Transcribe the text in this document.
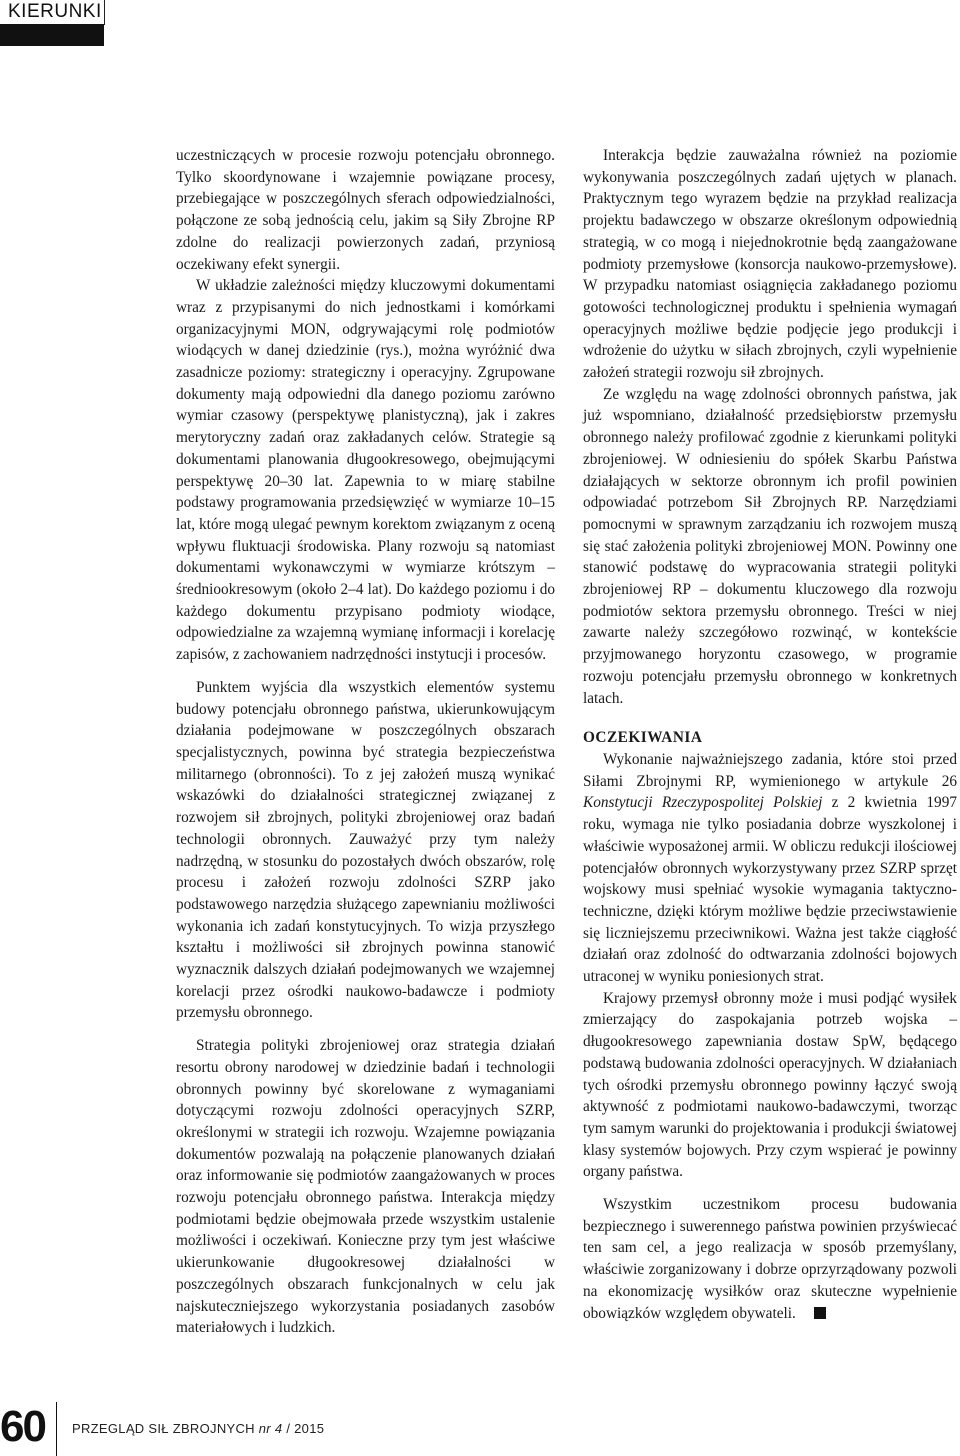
KIERUNKI

uczestniczących w procesie rozwoju potencjału obronnego. Tylko skoordynowane i wzajemnie powiązane procesy, przebiegające w poszczególnych sferach odpowiedzialności, połączone ze sobą jednością celu, jakim są Siły Zbrojne RP zdolne do realizacji powierzonych zadań, przyniosą oczekiwany efekt synergii.

W układzie zależności między kluczowymi dokumentami wraz z przypisanymi do nich jednostkami i komórkami organizacyjnymi MON, odgrywającymi rolę podmiotów wiodących w danej dziedzinie (rys.), można wyróżnić dwa zasadnicze poziomy: strategiczny i operacyjny. Zgrupowane dokumenty mają odpowiedni dla danego poziomu zarówno wymiar czasowy (perspektywę planistyczną), jak i zakres merytoryczny zadań oraz zakładanych celów. Strategie są dokumentami planowania długookresowego, obejmującymi perspektywę 20–30 lat. Zapewnia to w miarę stabilne podstawy programowania przedsięwzięć w wymiarze 10–15 lat, które mogą ulegać pewnym korektom związanym z oceną wpływu fluktuacji środowiska. Plany rozwoju są natomiast dokumentami wykonawczymi w wymiarze krótszym – średniookresowym (około 2–4 lat). Do każdego poziomu i do każdego dokumentu przypisano podmioty wiodące, odpowiedzialne za wzajemną wymianę informacji i korelację zapisów, z zachowaniem nadrzędności instytucji i procesów.

Punktem wyjścia dla wszystkich elementów systemu budowy potencjału obronnego państwa, ukierunkowującym działania podejmowane w poszczególnych obszarach specjalistycznych, powinna być strategia bezpieczeństwa militarnego (obronności). To z jej założeń muszą wynikać wskazówki do działalności strategicznej związanej z rozwojem sił zbrojnych, polityki zbrojeniowej oraz badań technologii obronnych. Zauważyć przy tym należy nadrzędną, w stosunku do pozostałych dwóch obszarów, rolę procesu i założeń rozwoju zdolności SZRP jako podstawowego narzędzia służącego zapewnianiu możliwości wykonania ich zadań konstytucyjnych. To wizja przyszłego kształtu i możliwości sił zbrojnych powinna stanowić wyznacznik dalszych działań podejmowanych we wzajemnej korelacji przez ośrodki naukowo-badawcze i podmioty przemysłu obronnego.

Strategia polityki zbrojeniowej oraz strategia działań resortu obrony narodowej w dziedzinie badań i technologii obronnych powinny być skorelowane z wymaganiami dotyczącymi rozwoju zdolności operacyjnych SZRP, określonymi w strategii ich rozwoju. Wzajemne powiązania dokumentów pozwalają na połączenie planowanych działań oraz informowanie się podmiotów zaangażowanych w proces rozwoju potencjału obronnego państwa. Interakcja między podmiotami będzie obejmowała przede wszystkim ustalenie możliwości i oczekiwań. Konieczne przy tym jest właściwe ukierunkowanie długookresowej działalności w poszczególnych obszarach funkcjonalnych w celu jak najskuteczniejszego wykorzystania posiadanych zasobów materiałowych i ludzkich.

Interakcja będzie zauważalna również na poziomie wykonywania poszczególnych zadań ujętych w planach. Praktycznym tego wyrazem będzie na przykład realizacja projektu badawczego w obszarze określonym odpowiednią strategią, w co mogą i niejednokrotnie będą zaangażowane podmioty przemysłowe (konsorcja naukowo-przemysłowe). W przypadku natomiast osiągnięcia zakładanego poziomu gotowości technologicznej produktu i spełnienia wymagań operacyjnych możliwe będzie podjęcie jego produkcji i wdrożenie do użytku w siłach zbrojnych, czyli wypełnienie założeń strategii rozwoju sił zbrojnych.

Ze względu na wagę zdolności obronnych państwa, jak już wspomniano, działalność przedsiębiorstw przemysłu obronnego należy profilować zgodnie z kierunkami polityki zbrojeniowej. W odniesieniu do spółek Skarbu Państwa działających w sektorze obronnym ich profil powinien odpowiadać potrzebom Sił Zbrojnych RP. Narzędziami pomocnymi w sprawnym zarządzaniu ich rozwojem muszą się stać założenia polityki zbrojeniowej MON. Powinny one stanowić podstawę do wypracowania strategii polityki zbrojeniowej RP – dokumentu kluczowego dla rozwoju podmiotów sektora przemysłu obronnego. Treści w niej zawarte należy szczegółowo rozwinąć, w kontekście przyjmowanego horyzontu czasowego, w programie rozwoju potencjału przemysłu obronnego w konkretnych latach.

OCZEKIWANIA

Wykonanie najważniejszego zadania, które stoi przed Siłami Zbrojnymi RP, wymienionego w artykule 26 Konstytucji Rzeczypospolitej Polskiej z 2 kwietnia 1997 roku, wymaga nie tylko posiadania dobrze wyszkolonej i właściwie wyposażonej armii. W obliczu redukcji ilościowej potencjałów obronnych wykorzystywany przez SZRP sprzęt wojskowy musi spełniać wysokie wymagania taktyczno-techniczne, dzięki którym możliwe będzie przeciwstawienie się liczniejszemu przeciwnikowi. Ważna jest także ciągłość działań oraz zdolność do odtwarzania zdolności bojowych utraconej w wyniku poniesionych strat.

Krajowy przemysł obronny może i musi podjąć wysiłek zmierzający do zaspokajania potrzeb wojska – długookresowego zapewniania dostaw SpW, będącego podstawą budowania zdolności operacyjnych. W działaniach tych ośrodki przemysłu obronnego powinny łączyć swoją aktywność z podmiotami naukowo-badawczymi, tworząc tym samym warunki do projektowania i produkcji światowej klasy systemów bojowych. Przy czym wspierać je powinny organy państwa.

Wszystkim uczestnikom procesu budowania bezpiecznego i suwerennego państwa powinien przyświecać ten sam cel, a jego realizacja w sposób przemyślany, właściwie zorganizowany i dobrze oprzyrządowany pozwoli na ekonomizację wysiłków oraz skuteczne wypełnienie obowiązków względem obywateli.

60 PRZEGLĄD SIŁ ZBROJNYCH nr 4 / 2015
